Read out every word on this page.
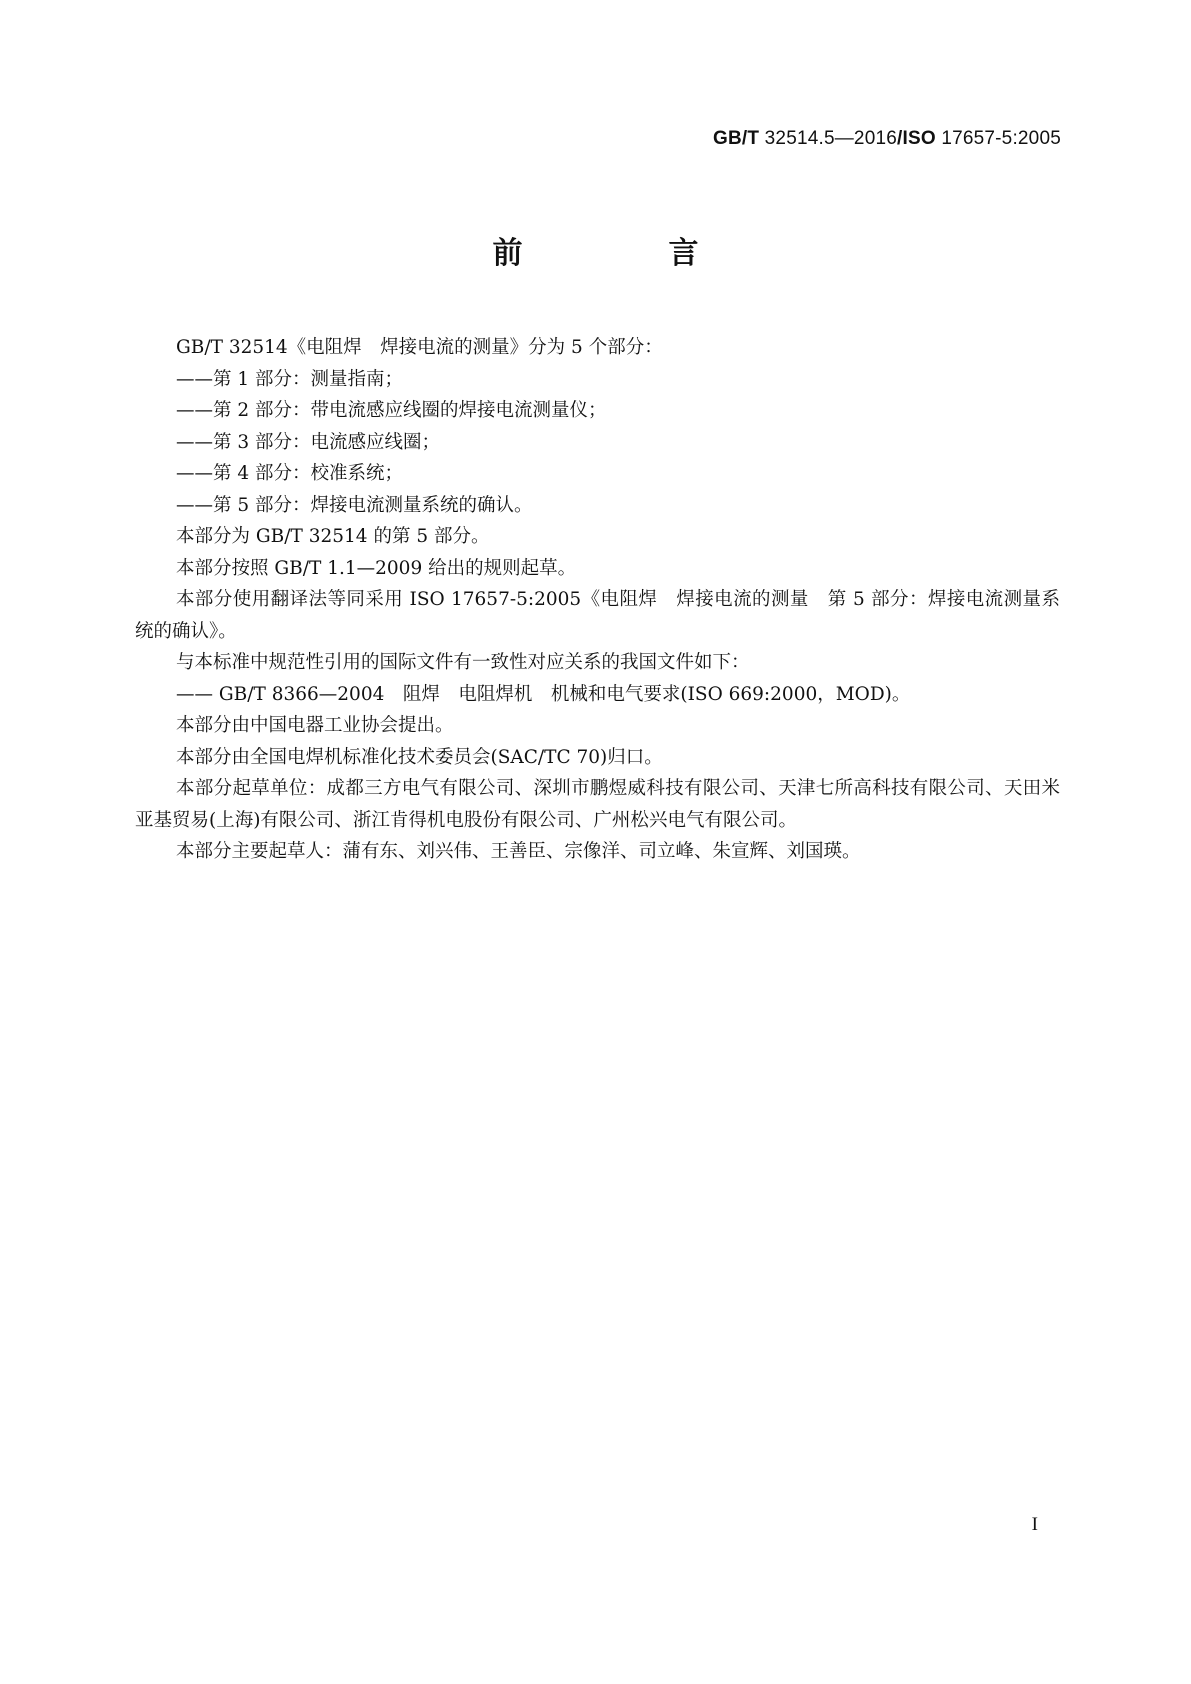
GB/T 32514.5—2016/ISO 17657-5:2005
前　言

GB/T 32514《电阻焊　焊接电流的测量》分为 5 个部分：

——第 1 部分：测量指南；

——第 2 部分：带电流感应线圈的焊接电流测量仪；

——第 3 部分：电流感应线圈；

——第 4 部分：校准系统；

——第 5 部分：焊接电流测量系统的确认。

本部分为 GB/T 32514 的第 5 部分。

本部分按照 GB/T 1.1—2009 给出的规则起草。

本部分使用翻译法等同采用 ISO 17657-5:2005《电阻焊　焊接电流的测量　第 5 部分：焊接电流测量系统的确认》。

与本标准中规范性引用的国际文件有一致性对应关系的我国文件如下：

—— GB/T 8366—2004　阻焊　电阻焊机　机械和电气要求(ISO 669:2000，MOD)。

本部分由中国电器工业协会提出。

本部分由全国电焊机标准化技术委员会(SAC/TC 70)归口。

本部分起草单位：成都三方电气有限公司、深圳市鹏煜威科技有限公司、天津七所高科技有限公司、天田米亚基贸易(上海)有限公司、浙江肯得机电股份有限公司、广州松兴电气有限公司。

本部分主要起草人：蒲有东、刘兴伟、王善臣、宗像洋、司立峰、朱宣辉、刘国瑛。

I
